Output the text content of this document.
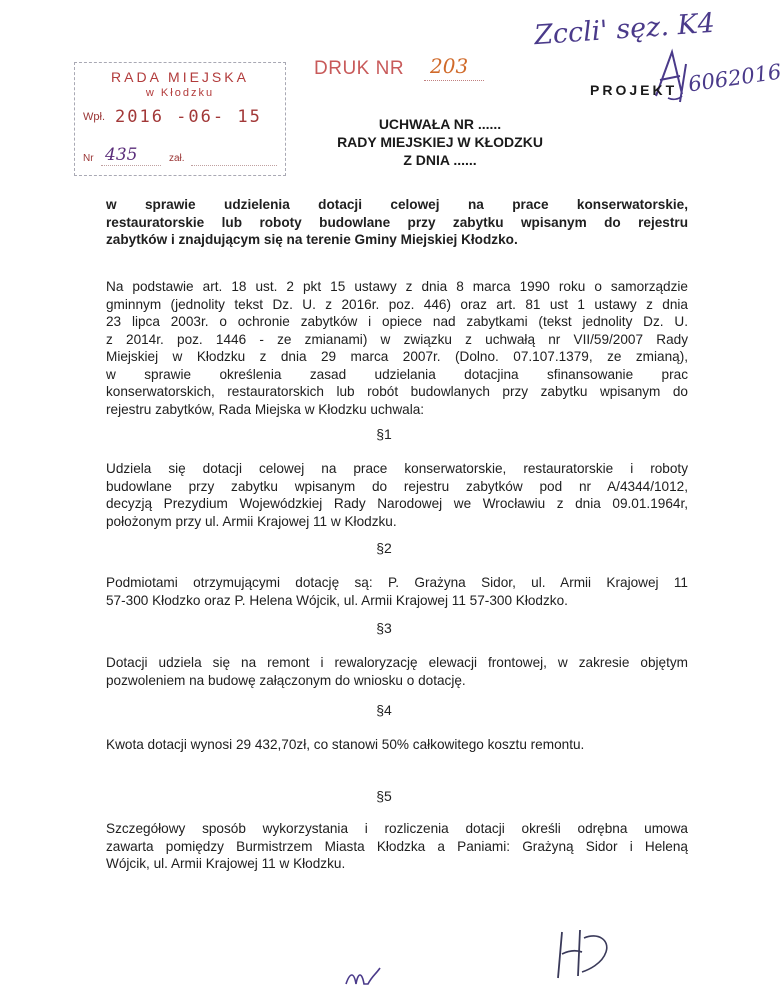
RADA MIEJSKA
w Kłodzku
Wpł. 2016 -06- 15
Nr 435	zał.
DRUK NR 203
Zccli' sęz. K4
PROJEKT 6062016
UCHWAŁA NR ......
RADY MIEJSKIEJ W KŁODZKU
Z DNIA ......
w sprawie udzielenia dotacji celowej na prace konserwatorskie,
restauratorskie lub roboty budowlane przy zabytku wpisanym do rejestru
zabytków i znajdującym się na terenie Gminy Miejskiej Kłodzko.
Na podstawie art. 18 ust. 2 pkt 15 ustawy z dnia 8 marca 1990 roku o samorządzie
gminnym (jednolity tekst Dz. U. z 2016r. poz. 446) oraz art. 81 ust 1 ustawy z dnia
23 lipca 2003r. o ochronie zabytków i opiece nad zabytkami (tekst jednolity Dz. U.
z 2014r. poz. 1446 - ze zmianami) w związku z uchwałą nr VII/59/2007 Rady
Miejskiej w Kłodzku z dnia 29 marca 2007r. (Dolno. 07.107.1379, ze zmianą),
w sprawie określenia zasad udzielania dotacjina sfinansowanie prac
konserwatorskich, restauratorskich lub robót budowlanych przy zabytku wpisanym do
rejestru zabytków, Rada Miejska w Kłodzku uchwala:
§1
Udziela się dotacji celowej na prace konserwatorskie, restauratorskie i roboty
budowlane przy zabytku wpisanym do rejestru zabytków pod nr A/4344/1012,
decyzją Prezydium Wojewódzkiej Rady Narodowej we Wrocławiu z dnia 09.01.1964r,
położonym przy ul. Armii Krajowej 11 w Kłodzku.
§2
Podmiotami otrzymującymi dotację są: P. Grażyna Sidor, ul. Armii Krajowej 11
57-300 Kłodzko oraz P. Helena Wójcik, ul. Armii Krajowej 11 57-300 Kłodzko.
§3
Dotacji udziela się na remont i rewaloryzację elewacji frontowej, w zakresie objętym
pozwoleniem na budowę załączonym do wniosku o dotację.
§4
Kwota dotacji wynosi 29 432,70zł, co stanowi 50% całkowitego kosztu remontu.
§5
Szczegółowy sposób wykorzystania i rozliczenia dotacji określi odrębna umowa
zawarta pomiędzy Burmistrzem Miasta Kłodzka a Paniami: Grażyną Sidor i Heleną
Wójcik, ul. Armii Krajowej 11 w Kłodzku.
